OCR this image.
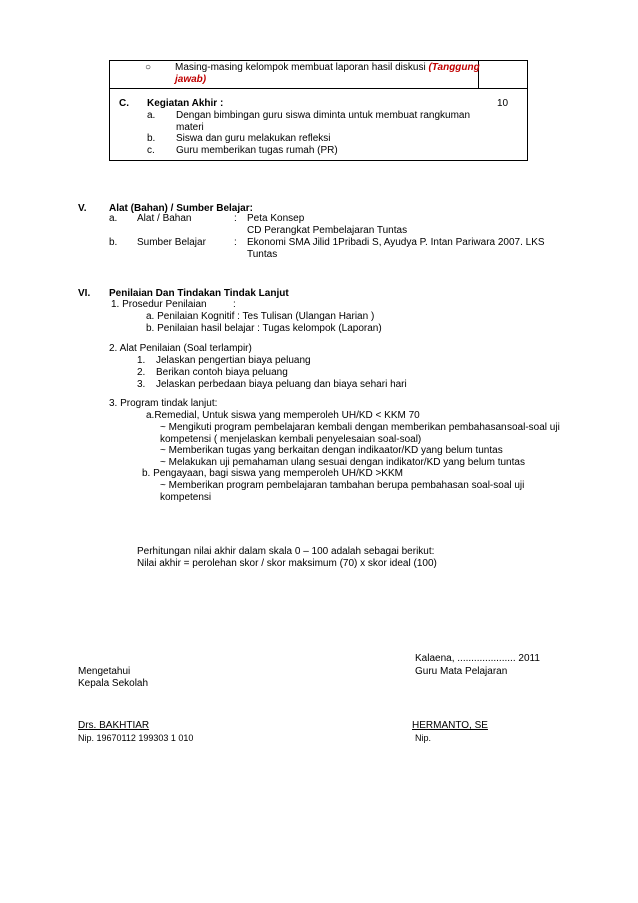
○ Masing-masing kelompok membuat laporan hasil diskusi (Tanggung
jawab)
C. Kegiatan Akhir :	10
a. Dengan bimbingan guru siswa diminta untuk membuat rangkuman
materi
b. Siswa dan guru melakukan refleksi
c. Guru memberikan tugas rumah (PR)
V. Alat (Bahan) / Sumber Belajar:
a. Alat / Bahan	: Peta Konsep
CD Perangkat Pembelajaran Tuntas
b. Sumber Belajar	: Ekonomi SMA Jilid 1Pribadi S, Ayudya P. Intan Pariwara 2007. LKS
Tuntas
VI. Penilaian Dan Tindakan Tindak Lanjut
1. Prosedur Penilaian	:
a. Penilaian Kognitif : Tes Tulisan (Ulangan Harian )
b. Penilaian hasil belajar : Tugas kelompok (Laporan)
2. Alat Penilaian (Soal terlampir)
1. Jelaskan pengertian biaya peluang
2. Berikan contoh biaya peluang
3. Jelaskan perbedaan biaya peluang dan biaya sehari hari
3. Program tindak lanjut:
a.Remedial, Untuk siswa yang memperoleh UH/KD < KKM 70
~ Mengikuti program pembelajaran kembali dengan memberikan pembahasan soal-soal uji
kompetensi ( menjelaskan kembali penyelesaian soal-soal)
~ Memberikan tugas yang berkaitan dengan indikaator/KD yang belum tuntas
~ Melakukan uji pemahaman ulang sesuai dengan indikator/KD yang belum tuntas
b. Pengayaan, bagi siswa yang memperoleh UH/KD >KKM
~ Memberikan program pembelajaran tambahan berupa pembahasan soal-soal uji
kompetensi
Perhitungan nilai akhir dalam skala 0 – 100 adalah sebagai berikut:
Nilai akhir = perolehan skor / skor maksimum (70) x skor ideal (100)
Kalaena, ..................... 2011
Mengetahui	Guru Mata Pelajaran
Kepala Sekolah
Drs. BAKHTIAR	HERMANTO, SE
Nip. 19670112 199303 1 010	Nip.
